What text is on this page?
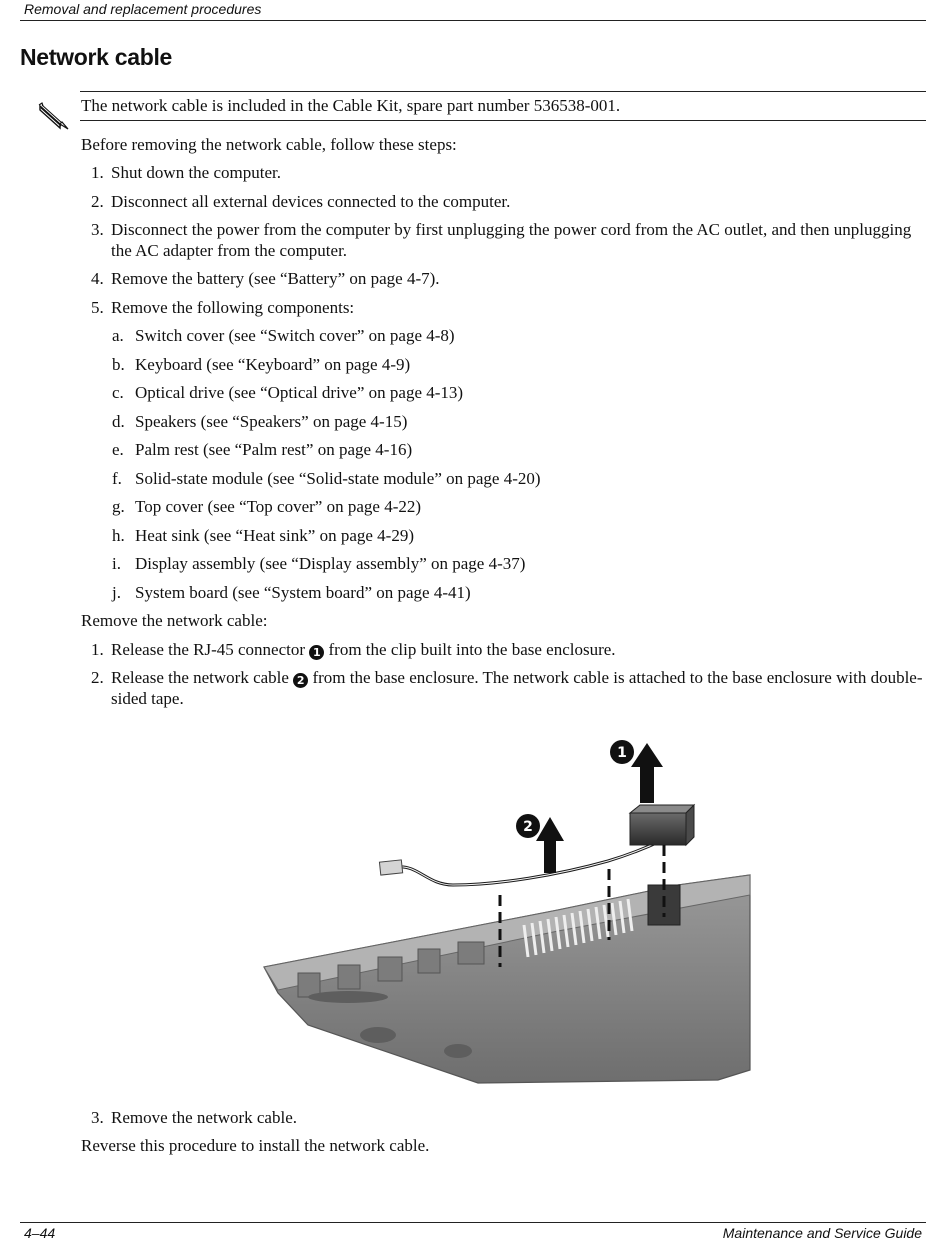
Removal and replacement procedures
Network cable
The network cable is included in the Cable Kit, spare part number 536538-001.
Before removing the network cable, follow these steps:
1. Shut down the computer.
2. Disconnect all external devices connected to the computer.
3. Disconnect the power from the computer by first unplugging the power cord from the AC outlet, and then unplugging the AC adapter from the computer.
4. Remove the battery (see “Battery” on page 4-7).
5. Remove the following components:
a. Switch cover (see “Switch cover” on page 4-8)
b. Keyboard (see “Keyboard” on page 4-9)
c. Optical drive (see “Optical drive” on page 4-13)
d. Speakers (see “Speakers” on page 4-15)
e. Palm rest (see “Palm rest” on page 4-16)
f. Solid-state module (see “Solid-state module” on page 4-20)
g. Top cover (see “Top cover” on page 4-22)
h. Heat sink (see “Heat sink” on page 4-29)
i. Display assembly (see “Display assembly” on page 4-37)
j. System board (see “System board” on page 4-41)
Remove the network cable:
1. Release the RJ-45 connector 1 from the clip built into the base enclosure.
2. Release the network cable 2 from the base enclosure. The network cable is attached to the base enclosure with double-sided tape.
1
2
3. Remove the network cable.
Reverse this procedure to install the network cable.
4–44	Maintenance and Service Guide
